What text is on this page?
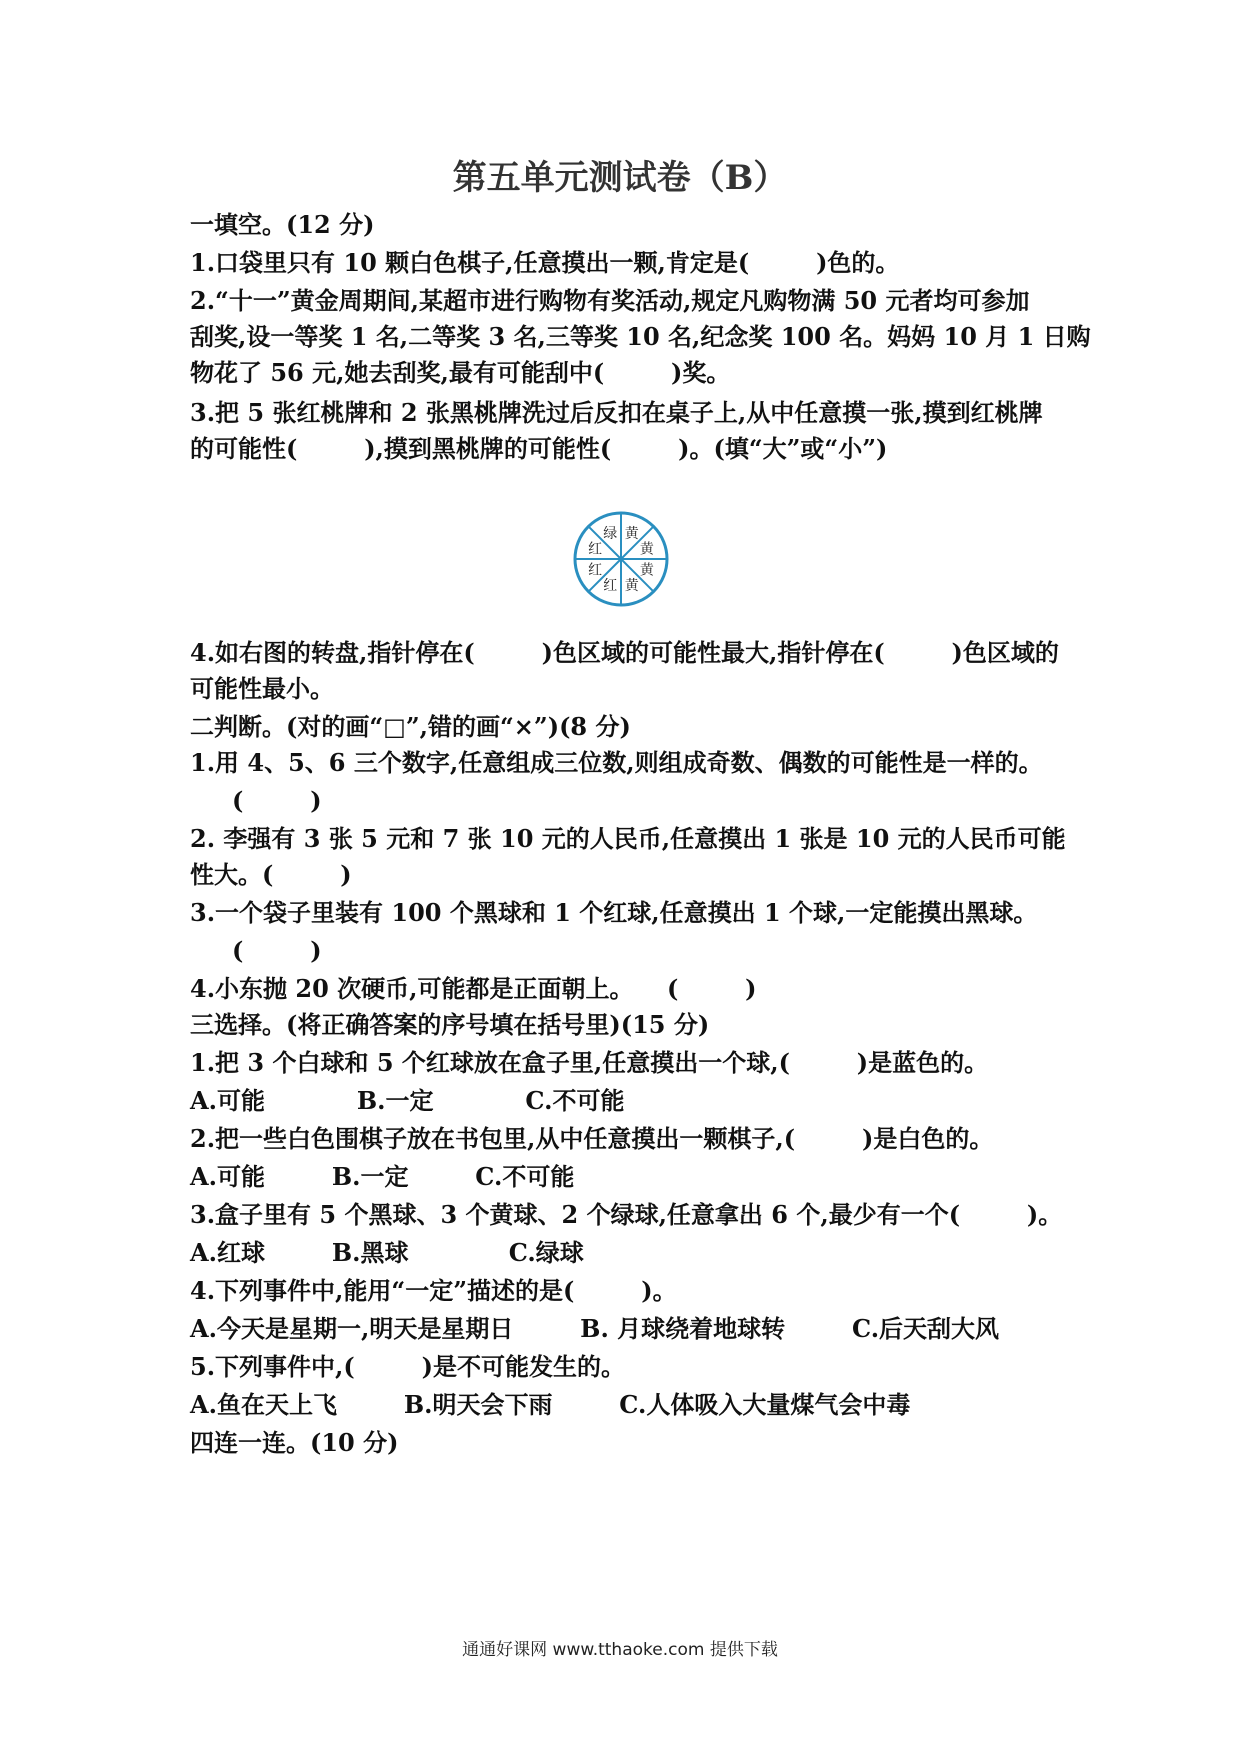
第五单元测试卷（B）
一填空。(12 分)
1.口袋里只有 10 颗白色棋子,任意摸出一颗,肯定是(        )色的。
2.“十一”黄金周期间,某超市进行购物有奖活动,规定凡购物满 50 元者均可参加
刮奖,设一等奖 1 名,二等奖 3 名,三等奖 10 名,纪念奖 100 名。妈妈 10 月 1 日购
物花了 56 元,她去刮奖,最有可能刮中(        )奖。
3.把 5 张红桃牌和 2 张黑桃牌洗过后反扣在桌子上,从中任意摸一张,摸到红桃牌
的可能性(        ),摸到黑桃牌的可能性(        )。(填“大”或“小”)
黄
黄
黄
黄
红
红
红
绿
4.如右图的转盘,指针停在(        )色区域的可能性最大,指针停在(        )色区域的
可能性最小。
二判断。(对的画“□”,错的画“×”)(8 分)
1.用 4、5、6 三个数字,任意组成三位数,则组成奇数、偶数的可能性是一样的。
(        )
2. 李强有 3 张 5 元和 7 张 10 元的人民币,任意摸出 1 张是 10 元的人民币可能
性大。(        )
3.一个袋子里装有 100 个黑球和 1 个红球,任意摸出 1 个球,一定能摸出黑球。
(        )
4.小东抛 20 次硬币,可能都是正面朝上。    (        )
三选择。(将正确答案的序号填在括号里)(15 分)
1.把 3 个白球和 5 个红球放在盒子里,任意摸出一个球,(        )是蓝色的。
A.可能           B.一定           C.不可能
2.把一些白色围棋子放在书包里,从中任意摸出一颗棋子,(        )是白色的。
A.可能        B.一定        C.不可能
3.盒子里有 5 个黑球、3 个黄球、2 个绿球,任意拿出 6 个,最少有一个(        )。
A.红球        B.黑球            C.绿球
4.下列事件中,能用“一定”描述的是(        )。
A.今天是星期一,明天是星期日        B. 月球绕着地球转        C.后天刮大风
5.下列事件中,(        )是不可能发生的。
A.鱼在天上飞        B.明天会下雨        C.人体吸入大量煤气会中毒
四连一连。(10 分)
通通好课网 www.tthaoke.com 提供下载
